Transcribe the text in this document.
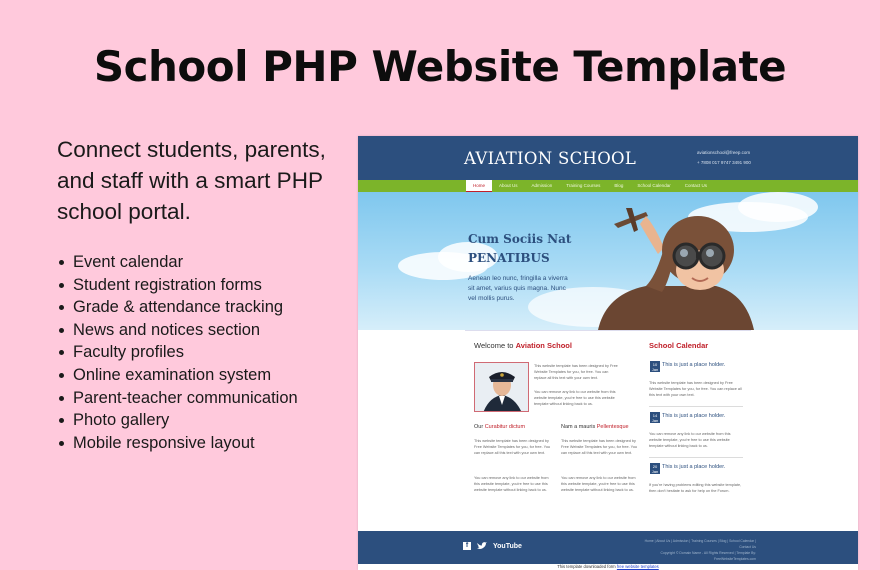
School PHP Website Template

Connect students, parents, and staff with a smart PHP school portal.

Event calendar
Student registration forms
Grade & attendance tracking
News and notices section
Faculty profiles
Online examination system
Parent-teacher communication
Photo gallery
Mobile responsive layout
AVIATION SCHOOL	aviationschool@freep.com
+ 7808 017 9747 3491 900
Home	About Us	Admission	Training Courses	Blog	School Calendar	Contact Us
Cum Sociis Nat
PENATIBUS
Aenean leo nunc, fringilla a viverra sit amet, varius quis magna. Nunc vel mollis purus.
Welcome to Aviation School
This website template has been designed by Free Website Templates for you, for free. You can replace all this text with your own text.
You can remove any link to our website from this website template, you're free to use this website template without linking back to us.
Our Curabitur dictum
This website template has been designed by Free Website Templates for you, for free. You can replace all this text with your own text.
You can remove any link to our website from this website template, you're free to use this website template without linking back to us.
Nam a mauris Pellentesque
This website template has been designed by Free Website Templates for you, for free. You can replace all this text with your own text.
You can remove any link to our website from this website template, you're free to use this website template without linking back to us.
School Calendar
10
Jan
This is just a place holder.
This website template has been designed by Free Website Templates for you, for free. You can replace all this text with your own text.
14
Jan
This is just a place holder.
You can remove any link to our website from this website template, you're free to use this website template without linking back to us.
20
Jan
This is just a place holder.
If you're having problems editing this website template, then don't hesitate to ask for help on the Forum.
f	YouTube
Home | About Us | Admission | Training Courses | Blog | School Calendar | Contact Us
Copyright © Domain Name - All Rights Reserved | Template By: FreeWebsiteTemplates.com
This template downloaded form free website templates
